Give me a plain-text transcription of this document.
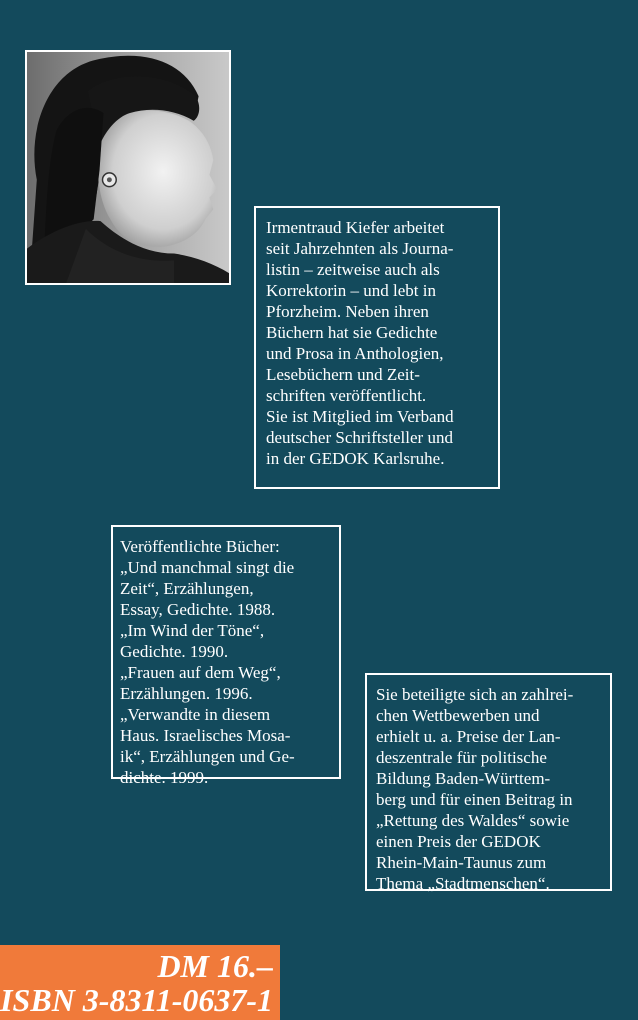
Irmentraud Kiefer arbeitet
seit Jahrzehnten als Journa-
listin – zeitweise auch als
Korrektorin – und lebt in
Pforzheim. Neben ihren
Büchern hat sie Gedichte
und Prosa in Anthologien,
Lesebüchern und Zeit-
schriften veröffentlicht.
Sie ist Mitglied im Verband
deutscher Schriftsteller und
in der GEDOK Karlsruhe.
Veröffentlichte Bücher:
„Und manchmal singt die
Zeit“, Erzählungen,
Essay, Gedichte. 1988.
„Im Wind der Töne“,
Gedichte. 1990.
„Frauen auf dem Weg“,
Erzählungen. 1996.
„Verwandte in diesem
Haus. Israelisches Mosa-
ik“, Erzählungen und Ge-
dichte. 1999.
Sie beteiligte sich an zahlrei-
chen Wettbewerben und
erhielt u. a. Preise der Lan-
deszentrale für politische
Bildung Baden-Württem-
berg und für einen Beitrag in
„Rettung des Waldes“ sowie
einen Preis der GEDOK
Rhein-Main-Taunus zum
Thema „Stadtmenschen“.
DM 16.–
ISBN 3-8311-0637-1
